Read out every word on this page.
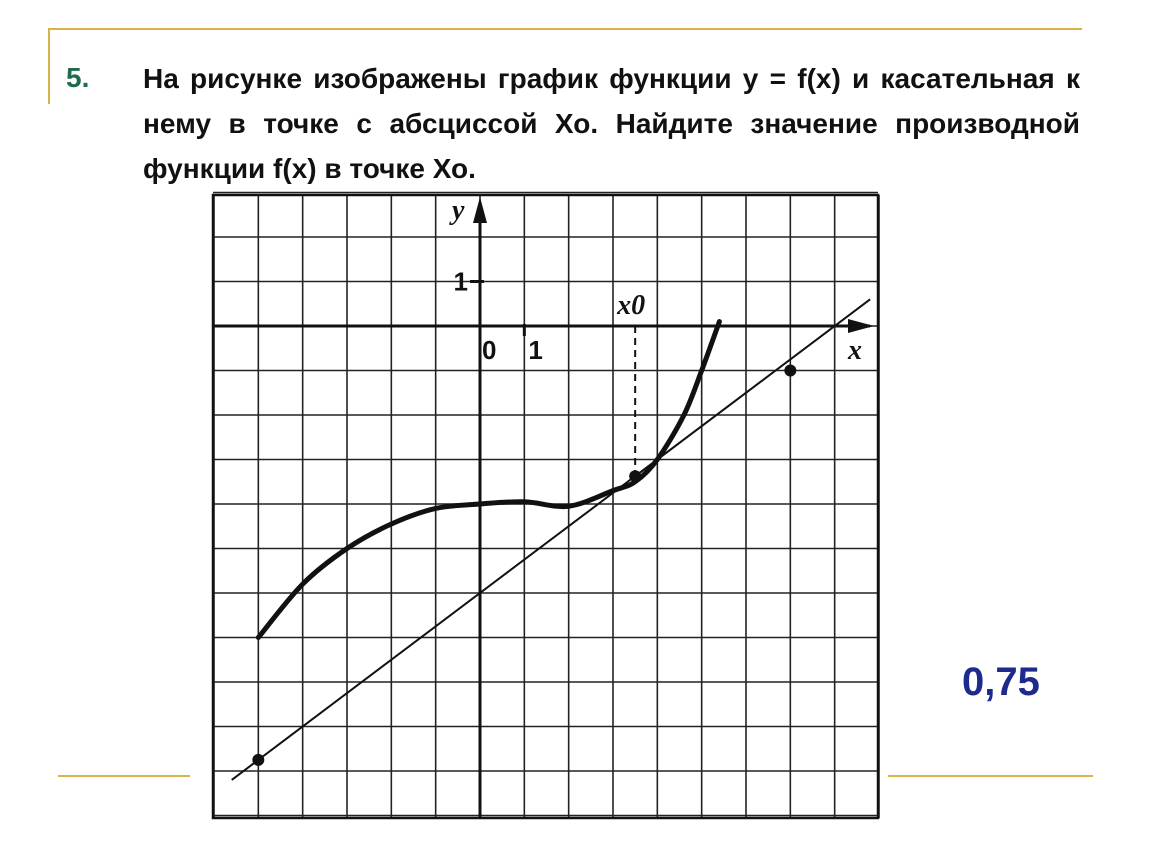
5. На рисунке изображены график функции у = f(x) и касательная к нему в точке с абсциссой Хо. Найдите значение производной функции f(x) в точке Хо.
1
0 1
y
x
x0
0,75
